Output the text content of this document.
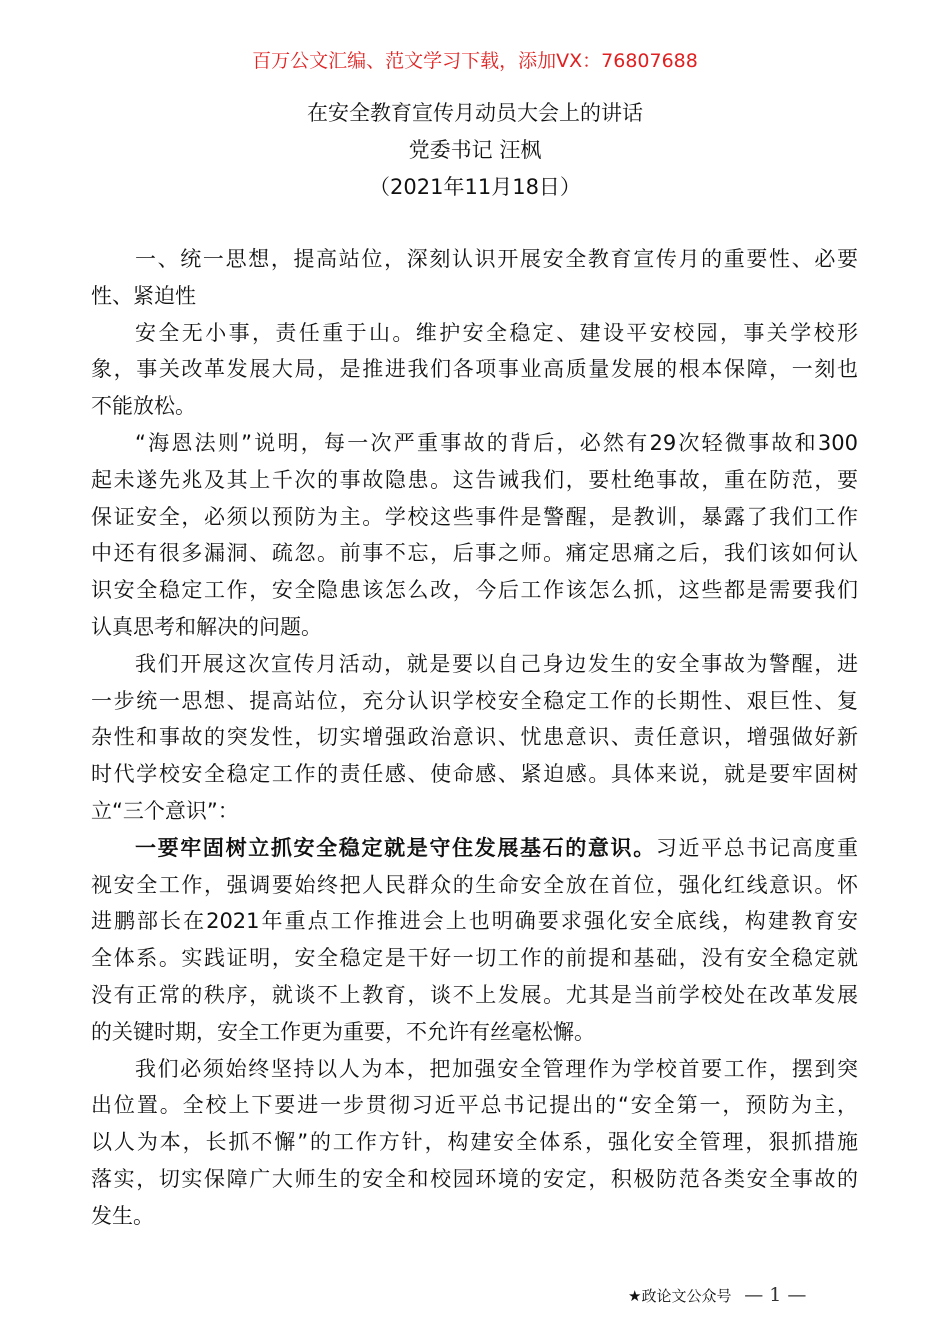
百万公文汇编、范文学习下载，添加VX：76807688
在安全教育宣传月动员大会上的讲话
党委书记 汪枫
（2021年11月18日）
一、统一思想，提高站位，深刻认识开展安全教育宣传月的重要性、必要
性、紧迫性
安全无小事，责任重于山。维护安全稳定、建设平安校园，事关学校形
象，事关改革发展大局，是推进我们各项事业高质量发展的根本保障，一刻也
不能放松。
“海恩法则”说明，每一次严重事故的背后，必然有29次轻微事故和300
起未遂先兆及其上千次的事故隐患。这告诫我们，要杜绝事故，重在防范，要
保证安全，必须以预防为主。学校这些事件是警醒，是教训，暴露了我们工作
中还有很多漏洞、疏忽。前事不忘，后事之师。痛定思痛之后，我们该如何认
识安全稳定工作，安全隐患该怎么改，今后工作该怎么抓，这些都是需要我们
认真思考和解决的问题。
我们开展这次宣传月活动，就是要以自己身边发生的安全事故为警醒，进
一步统一思想、提高站位，充分认识学校安全稳定工作的长期性、艰巨性、复
杂性和事故的突发性，切实增强政治意识、忧患意识、责任意识，增强做好新
时代学校安全稳定工作的责任感、使命感、紧迫感。具体来说，就是要牢固树
立“三个意识”：
一要牢固树立抓安全稳定就是守住发展基石的意识。习近平总书记高度重
视安全工作，强调要始终把人民群众的生命安全放在首位，强化红线意识。怀
进鹏部长在2021年重点工作推进会上也明确要求强化安全底线，构建教育安
全体系。实践证明，安全稳定是干好一切工作的前提和基础，没有安全稳定就
没有正常的秩序，就谈不上教育，谈不上发展。尤其是当前学校处在改革发展
的关键时期，安全工作更为重要，不允许有丝毫松懈。
我们必须始终坚持以人为本，把加强安全管理作为学校首要工作，摆到突
出位置。全校上下要进一步贯彻习近平总书记提出的“安全第一，预防为主，
以人为本，长抓不懈”的工作方针，构建安全体系，强化安全管理，狠抓措施
落实，切实保障广大师生的安全和校园环境的安定，积极防范各类安全事故的
发生。
★政论文公众号 — 1 —
